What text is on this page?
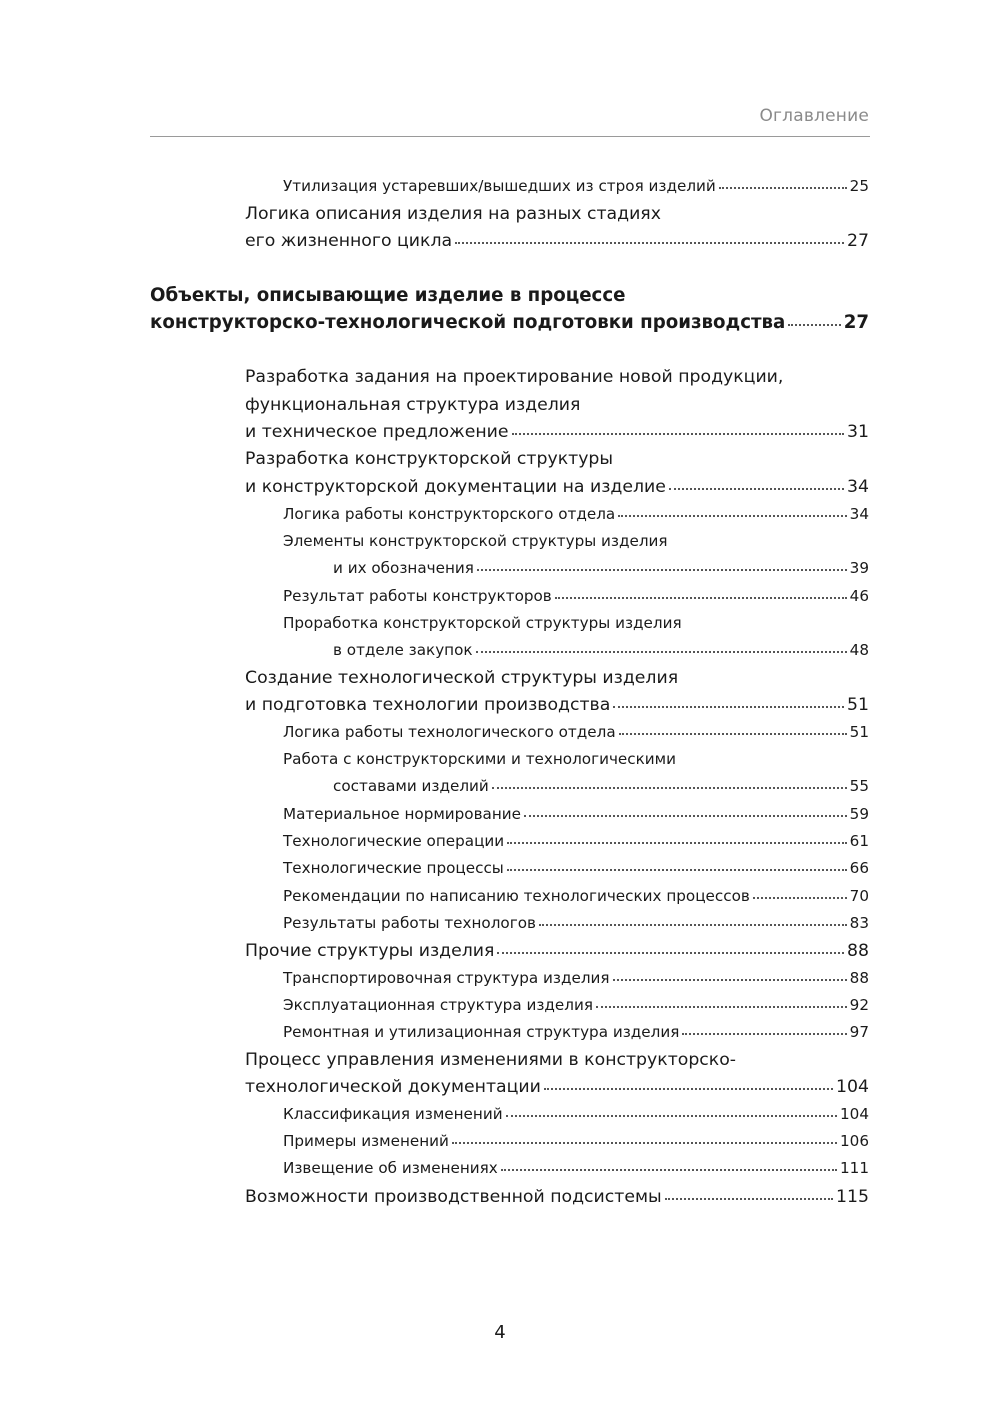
Оглавление
Утилизация устаревших/вышедших из строя изделий	25
Логика описания изделия на разных стадиях
его жизненного цикла	27
Объекты, описывающие изделие в процессе
конструкторско-технологической подготовки производства	27
Разработка задания на проектирование новой продукции,
функциональная структура изделия
и техническое предложение	31
Разработка конструкторской структуры
и конструкторской документации на изделие	34
Логика работы конструкторского отдела	34
Элементы конструкторской структуры изделия
и их обозначения	39
Результат работы конструкторов	46
Проработка конструкторской структуры изделия
в отделе закупок	48
Создание технологической структуры изделия
и подготовка технологии производства	51
Логика работы технологического отдела	51
Работа с конструкторскими и технологическими
составами изделий	55
Материальное нормирование	59
Технологические операции	61
Технологические процессы	66
Рекомендации по написанию технологических процессов	70
Результаты работы технологов	83
Прочие структуры изделия	88
Транспортировочная структура изделия	88
Эксплуатационная структура изделия	92
Ремонтная и утилизационная структура изделия	97
Процесс управления изменениями в конструкторско-
технологической документации	104
Классификация изменений	104
Примеры изменений	106
Извещение об изменениях	111
Возможности производственной подсистемы	115
4
